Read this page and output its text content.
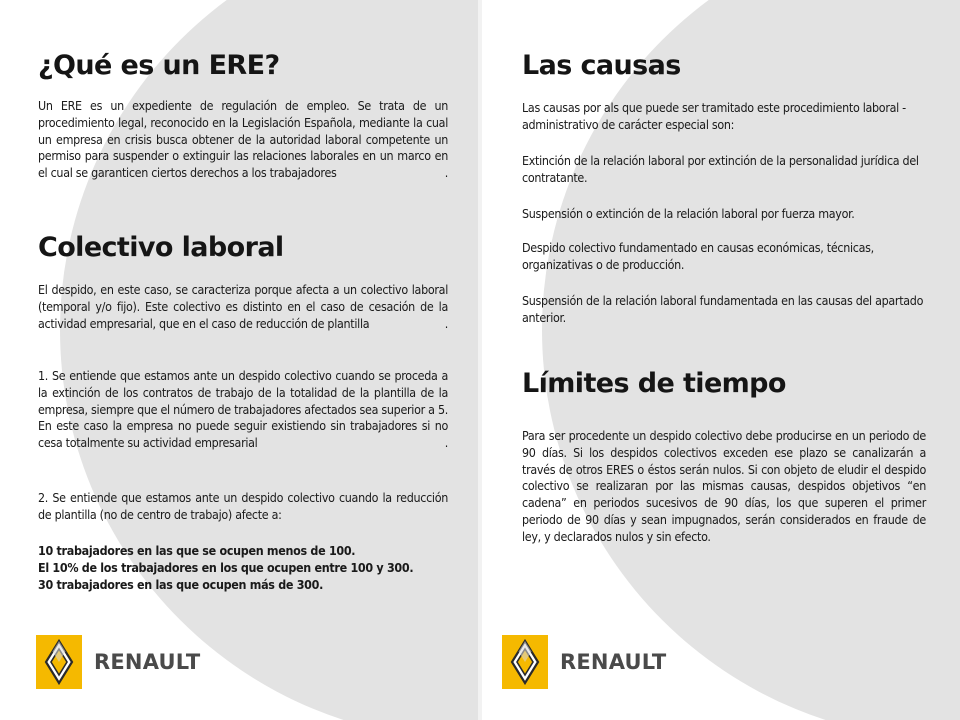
¿Qué es un ERE?

Un ERE es un expediente de regulación de empleo. Se trata de un procedimiento legal, reconocido en la Legislación Española, mediante la cual un empresa en crisis busca obtener de la autoridad laboral competente un permiso para suspender o extinguir las relaciones laborales en un marco en el cual se garanticen ciertos derechos a los trabajadores	.

Colectivo laboral

El despido, en este caso, se caracteriza porque afecta a un colectivo laboral (temporal y/o fijo). Este colectivo es distinto en el caso de cesación de la actividad empresarial, que en el caso de reducción de plantilla	.

1. Se entiende que estamos ante un despido colectivo cuando se proceda a la extinción de los contratos de trabajo de la totalidad de la plantilla de la empresa, siempre que el número de trabajadores afectados sea superior a 5. En este caso la empresa no puede seguir existiendo sin trabajadores si no cesa totalmente su actividad empresarial	.

2. Se entiende que estamos ante un despido colectivo cuando la reducción de plantilla (no de centro de trabajo) afecte a:

10 trabajadores en las que se ocupen menos de 100.
El 10% de los trabajadores en los que ocupen entre 100 y 300.
30 trabajadores en las que ocupen más de 300.
RENAULT
Las causas

Las causas por als que puede ser tramitado este procedimiento laboral - administrativo de carácter especial son:

Extinción de la relación laboral por extinción de la personalidad jurídica del contratante.

Suspensión o extinción de la relación laboral por fuerza mayor.

Despido colectivo fundamentado en causas económicas, técnicas, organizativas o de producción.

Suspensión de la relación laboral fundamentada en las causas del apartado anterior.

Límites de tiempo

Para ser procedente un despido colectivo debe producirse en un periodo de 90 días. Si los despidos colectivos exceden ese plazo se canalizarán a través de otros ERES o éstos serán nulos. Si con objeto de eludir el despido colectivo se realizaran por las mismas causas, despidos objetivos “en cadena” en periodos sucesivos de 90 días, los que superen el primer periodo de 90 días y sean impugnados, serán considerados en fraude de ley, y declarados nulos y sin efecto.

RENAULT
